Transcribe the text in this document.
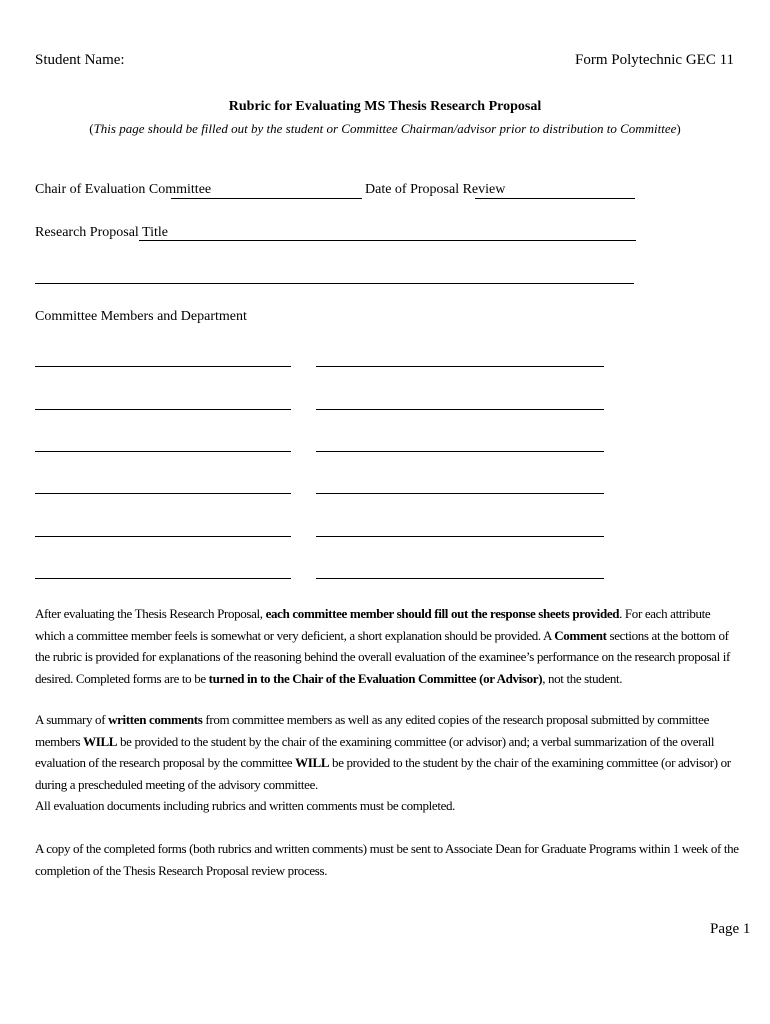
Student Name:	Form Polytechnic GEC 11
Rubric for Evaluating MS Thesis Research Proposal
(This page should be filled out by the student or Committee Chairman/advisor prior to distribution to Committee)
Chair of Evaluation Committee	Date of Proposal Review
Research Proposal Title
Committee Members and Department
After evaluating the Thesis Research Proposal, each committee member should fill out the response sheets provided. For each attribute which a committee member feels is somewhat or very deficient, a short explanation should be provided. A Comment sections at the bottom of the rubric is provided for explanations of the reasoning behind the overall evaluation of the examinee’s performance on the research proposal if desired. Completed forms are to be turned in to the Chair of the Evaluation Committee (or Advisor), not the student.
A summary of written comments from committee members as well as any edited copies of the research proposal submitted by committee members WILL be provided to the student by the chair of the examining committee (or advisor) and; a verbal summarization of the overall evaluation of the research proposal by the committee WILL be provided to the student by the chair of the examining committee (or advisor) or during a prescheduled meeting of the advisory committee.
All evaluation documents including rubrics and written comments must be completed.
A copy of the completed forms (both rubrics and written comments) must be sent to Associate Dean for Graduate Programs within 1 week of the completion of the Thesis Research Proposal review process.
Page 1
